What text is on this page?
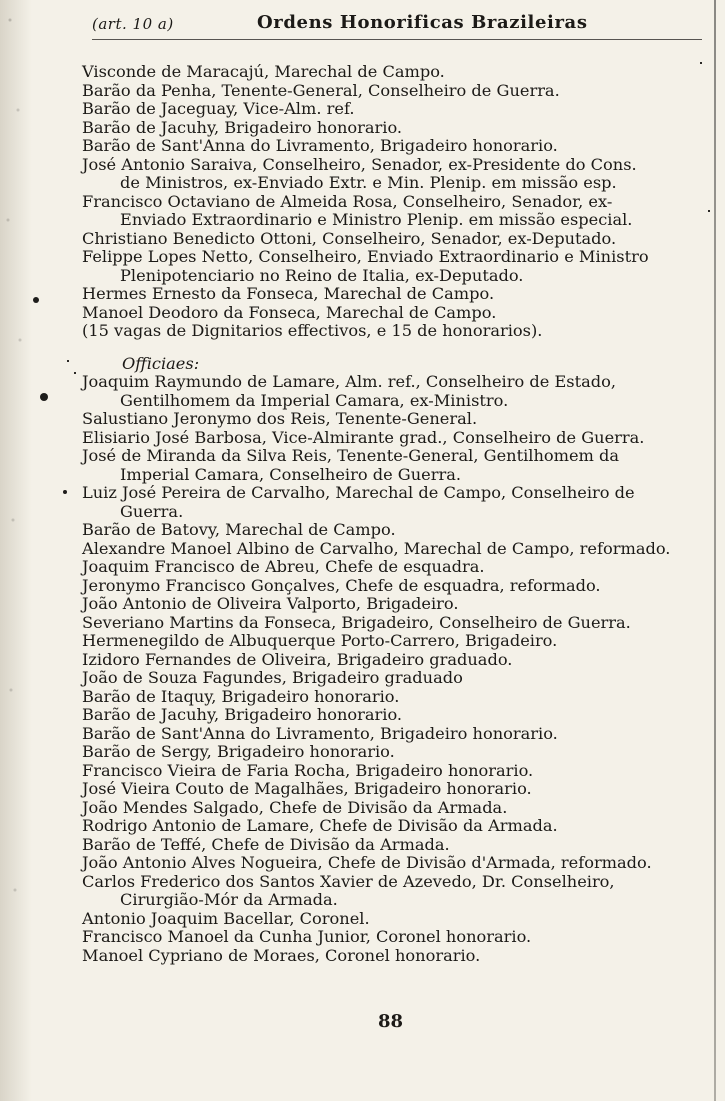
(art. 10 a)	Ordens Honorificas Brazileiras
Visconde de Maracajú, Marechal de Campo.
Barão da Penha, Tenente-General, Conselheiro de Guerra.
Barão de Jaceguay, Vice-Alm. ref.
Barão de Jacuhy, Brigadeiro honorario.
Barão de Sant'Anna do Livramento, Brigadeiro honorario.
José Antonio Saraiva, Conselheiro, Senador, ex-Presidente do Cons.
de Ministros, ex-Enviado Extr. e Min. Plenip. em missão esp.
Francisco Octaviano de Almeida Rosa, Conselheiro, Senador, ex-
Enviado Extraordinario e Ministro Plenip. em missão especial.
Christiano Benedicto Ottoni, Conselheiro, Senador, ex-Deputado.
Felippe Lopes Netto, Conselheiro, Enviado Extraordinario e Ministro
Plenipotenciario no Reino de Italia, ex-Deputado.
Hermes Ernesto da Fonseca, Marechal de Campo.
Manoel Deodoro da Fonseca, Marechal de Campo.
(15 vagas de Dignitarios effectivos, e 15 de honorarios).
Officiaes:
Joaquim Raymundo de Lamare, Alm. ref., Conselheiro de Estado,
Gentilhomem da Imperial Camara, ex-Ministro.
Salustiano Jeronymo dos Reis, Tenente-General.
Elisiario José Barbosa, Vice-Almirante grad., Conselheiro de Guerra.
José de Miranda da Silva Reis, Tenente-General, Gentilhomem da
Imperial Camara, Conselheiro de Guerra.
Luiz José Pereira de Carvalho, Marechal de Campo, Conselheiro de
Guerra.
Barão de Batovy, Marechal de Campo.
Alexandre Manoel Albino de Carvalho, Marechal de Campo, reformado.
Joaquim Francisco de Abreu, Chefe de esquadra.
Jeronymo Francisco Gonçalves, Chefe de esquadra, reformado.
João Antonio de Oliveira Valporto, Brigadeiro.
Severiano Martins da Fonseca, Brigadeiro, Conselheiro de Guerra.
Hermenegildo de Albuquerque Porto-Carrero, Brigadeiro.
Izidoro Fernandes de Oliveira, Brigadeiro graduado.
João de Souza Fagundes, Brigadeiro graduado
Barão de Itaquy, Brigadeiro honorario.
Barão de Jacuhy, Brigadeiro honorario.
Barão de Sant'Anna do Livramento, Brigadeiro honorario.
Barão de Sergy, Brigadeiro honorario.
Francisco Vieira de Faria Rocha, Brigadeiro honorario.
José Vieira Couto de Magalhães, Brigadeiro honorario.
João Mendes Salgado, Chefe de Divisão da Armada.
Rodrigo Antonio de Lamare, Chefe de Divisão da Armada.
Barão de Teffé, Chefe de Divisão da Armada.
João Antonio Alves Nogueira, Chefe de Divisão d'Armada, reformado.
Carlos Frederico dos Santos Xavier de Azevedo, Dr. Conselheiro,
Cirurgião-Mór da Armada.
Antonio Joaquim Bacellar, Coronel.
Francisco Manoel da Cunha Junior, Coronel honorario.
Manoel Cypriano de Moraes, Coronel honorario.
88
